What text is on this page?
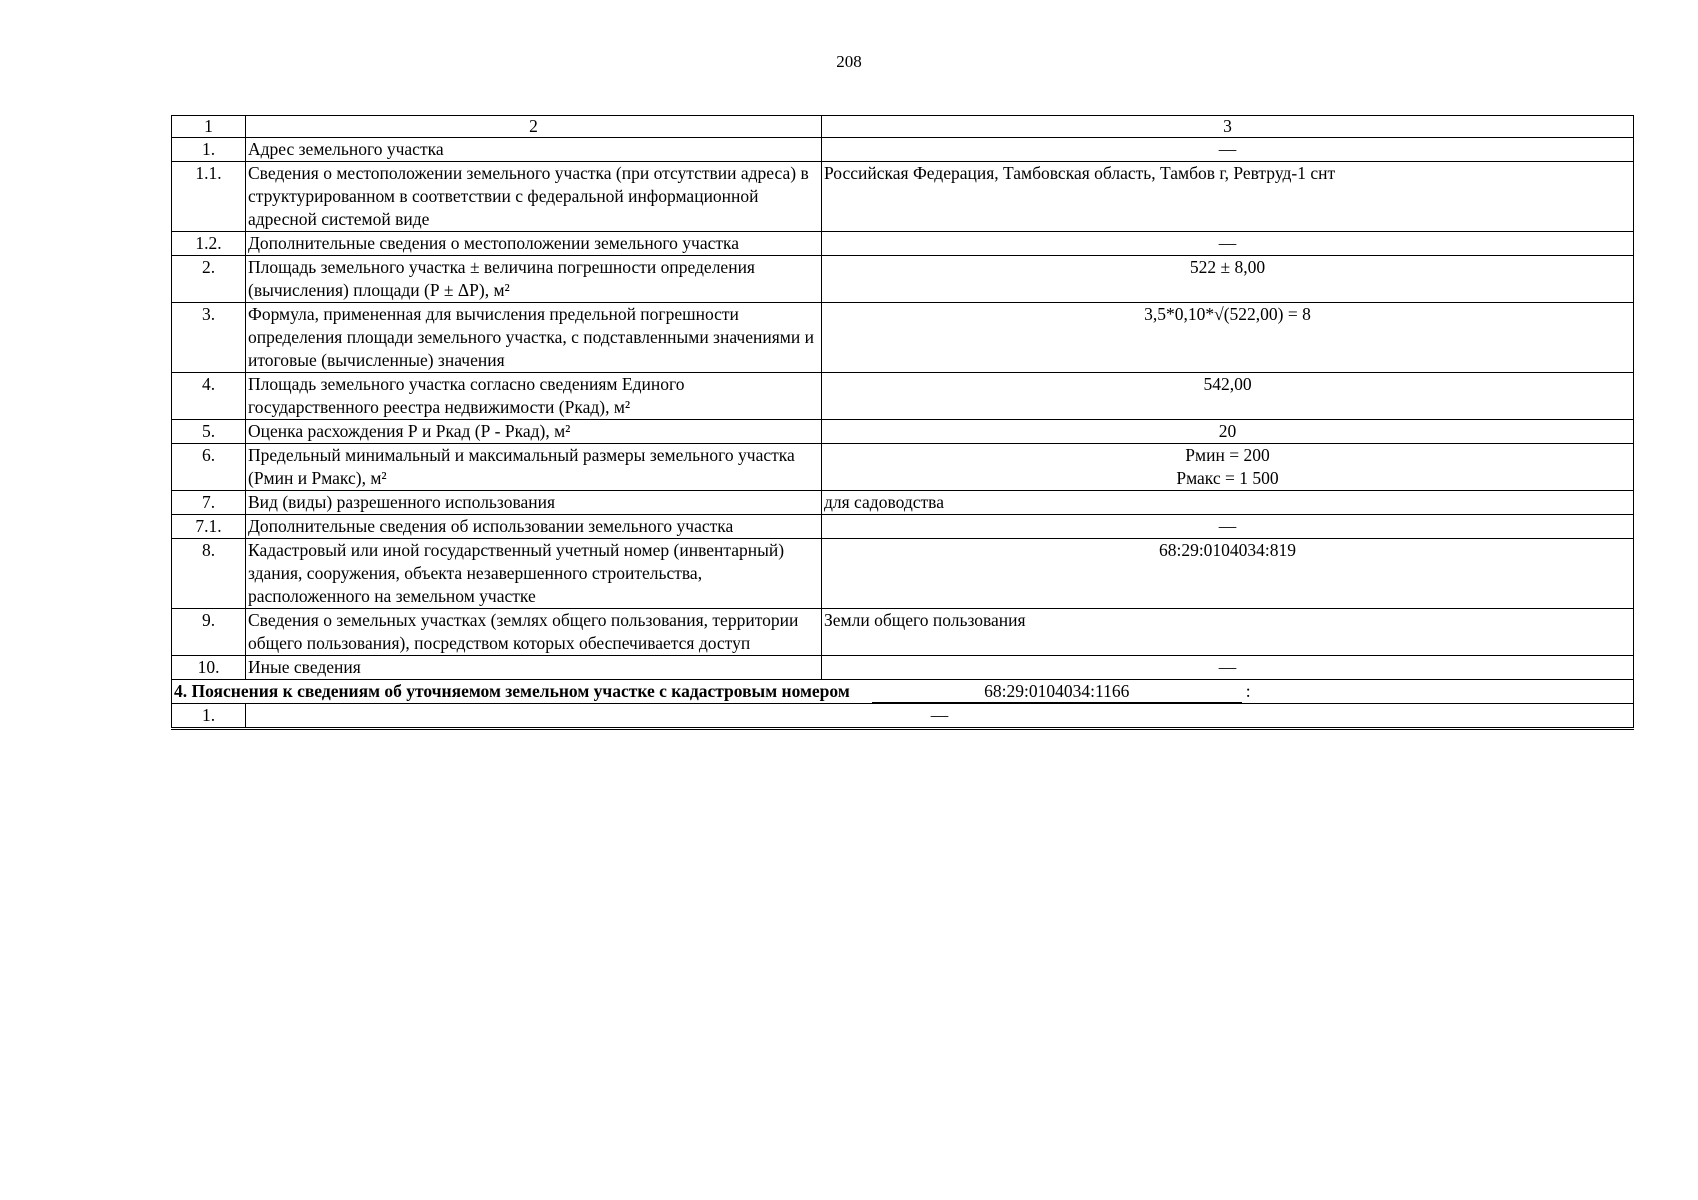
208
1	2	3
1.	Адрес земельного участка	—
1.1.	Сведения о местоположении земельного участка (при отсутствии адреса) в структурированном в соответствии с федеральной информационной адресной системой виде	Российская Федерация, Тамбовская область, Тамбов г, Ревтруд-1 снт
1.2.	Дополнительные сведения о местоположении земельного участка	—
2.	Площадь земельного участка ± величина погрешности определения (вычисления) площади (Р ± ΔР), м²	522 ± 8,00
3.	Формула, примененная для вычисления предельной погрешности определения площади земельного участка, с подставленными значениями и итоговые (вычисленные) значения	3,5*0,10*√(522,00) = 8
4.	Площадь земельного участка согласно сведениям Единого государственного реестра недвижимости (Ркад), м²	542,00
5.	Оценка расхождения Р и Ркад (Р - Ркад), м²	20
6.	Предельный минимальный и максимальный размеры земельного участка (Рмин и Рмакс), м²	Рмин = 200
Рмакс = 1 500

7.	Вид (виды) разрешенного использования	для садоводства
7.1.	Дополнительные сведения об использовании земельного участка	—
8.	Кадастровый или иной государственный учетный номер (инвентарный) здания, сооружения, объекта незавершенного строительства, расположенного на земельном участке	68:29:0104034:819
9.	Сведения о земельных участках (землях общего пользования, территории общего пользования), посредством которых обеспечивается доступ	Земли общего пользования
10.	Иные сведения	—
4. Пояснения к сведениям об уточняемом земельном участке с кадастровым номером 68:29:0104034:1166 :		
1.	—	
